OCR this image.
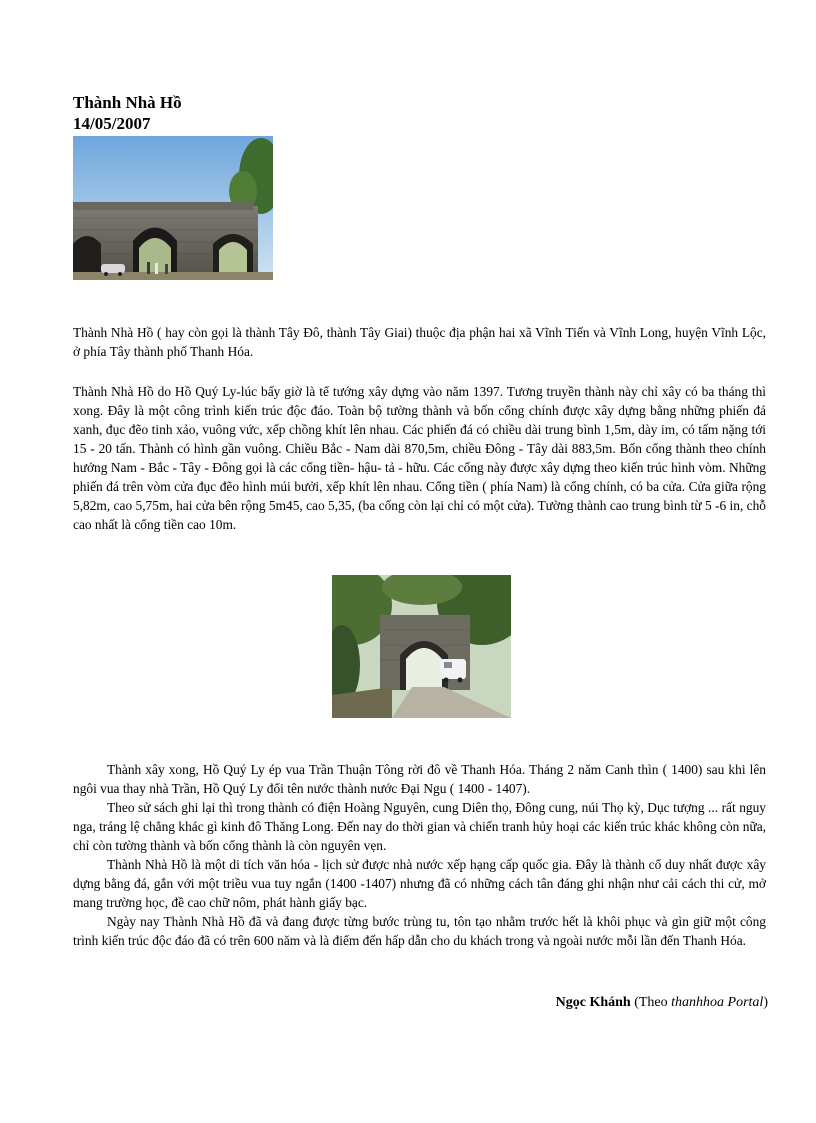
Thành Nhà Hồ
14/05/2007

Thành Nhà Hồ ( hay còn gọi là thành Tây Đô, thành Tây Giai) thuộc địa phận hai xã Vĩnh Tiến và Vĩnh Long, huyện Vĩnh Lộc, ở phía Tây thành phố Thanh Hóa.

Thành Nhà Hồ do Hồ Quý Ly-lúc bấy giờ là tể tướng xây dựng vào năm 1397. Tương truyền thành này chỉ xây có ba tháng thì xong. Đây là một công trình kiến trúc độc đáo. Toàn bộ tường thành và bốn cổng chính được xây dựng bằng những phiến đá xanh, đục đẽo tinh xảo, vuông vức, xếp chồng khít lên nhau. Các phiến đá có chiều dài trung bình 1,5m, dày im, có tấm nặng tới 15 - 20 tấn. Thành có hình gần vuông. Chiều Bắc - Nam dài 870,5m, chiều Đông - Tây dài 883,5m. Bốn cổng thành theo chính hướng Nam - Bắc - Tây - Đông gọi là các cổng tiền- hậu- tả - hữu. Các cổng này được xây dựng theo kiến trúc hình vòm. Những phiến đá trên vòm cửa đục đẽo hình múi bưởi, xếp khít lên nhau. Cổng tiền ( phía Nam) là cổng chính, có ba cửa. Cửa giữa rộng 5,82m, cao 5,75m, hai cửa bên rộng 5m45, cao 5,35, (ba cổng còn lại chỉ có một cửa). Tường thành cao trung bình từ 5 -6 in, chỗ cao nhất là cổng tiền cao 10m.

Thành xây xong, Hồ Quý Ly ép vua Trần Thuận Tông rời đô về Thanh Hóa. Tháng 2 năm Canh thìn ( 1400) sau khi lên ngôi vua thay nhà Trần, Hồ Quý Ly đổi tên nước thành nước Đại Ngu ( 1400 - 1407).

Theo sử sách ghi lại thì trong thành có điện Hoàng Nguyên, cung Diên thọ, Đông cung, núi Thọ kỳ, Dục tượng ... rất nguy nga, tráng lệ chẳng khác gì kinh đô Thăng Long. Đến nay do thời gian và chiến tranh hủy hoại các kiến trúc khác không còn nữa, chỉ còn tường thành và bốn cổng thành là còn nguyên vẹn.

Thành Nhà Hồ là một di tích văn hóa - lịch sử được nhà nước xếp hạng cấp quốc gia. Đây là thành cổ duy nhất được xây dựng bằng đá, gắn với một triều vua tuy ngắn (1400 -1407) nhưng đã có những cách tân đáng ghi nhận như cải cách thi cử, mở mang trường học, đề cao chữ nôm, phát hành giấy bạc.

Ngày nay Thành Nhà Hồ đã và đang được từng bước trùng tu, tôn tạo nhằm trước hết là khôi phục và gìn giữ một công trình kiến trúc độc đáo đã có trên 600 năm và là điểm đến hấp dẫn cho du khách trong và ngoài nước mỗi lần đến Thanh Hóa.

Ngọc Khánh (Theo thanhhoa Portal)
